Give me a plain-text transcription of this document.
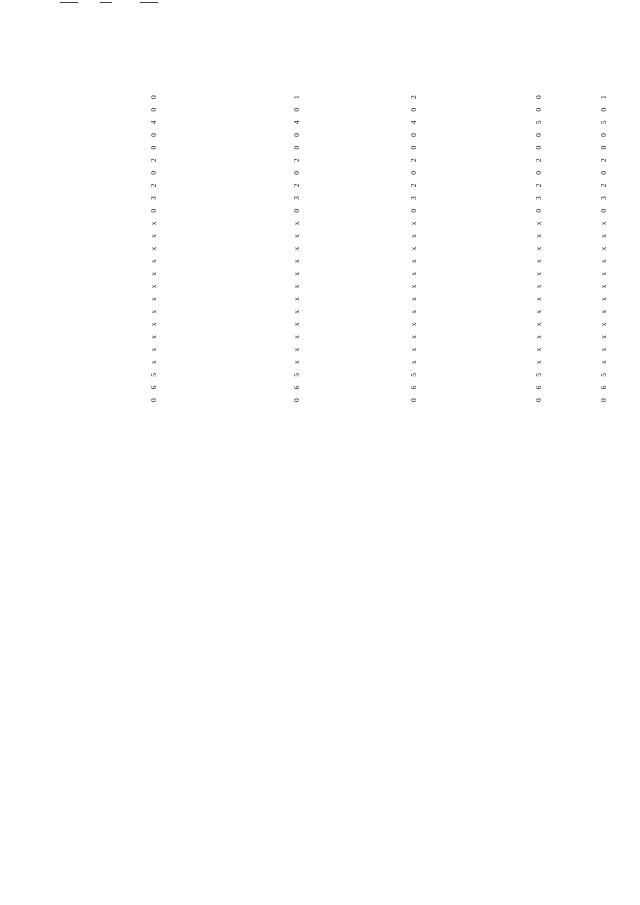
0 6 5 x x x x x x x x x x x x 0 3 2 0 2 0 0 4 0 0	0 6 5 x x x x x x x x x x x x 0 3 2 0 2 0 0 4 0 1	0 6 5 x x x x x x x x x x x x 0 3 2 0 2 0 0 4 0 2	0 6 5 x x x x x x x x x x x x 0 3 2 0 2 0 0 5 0 0	0 6 5 x x x x x x x x x x x x 0 3 2 0 2 0 0 5 0 1
